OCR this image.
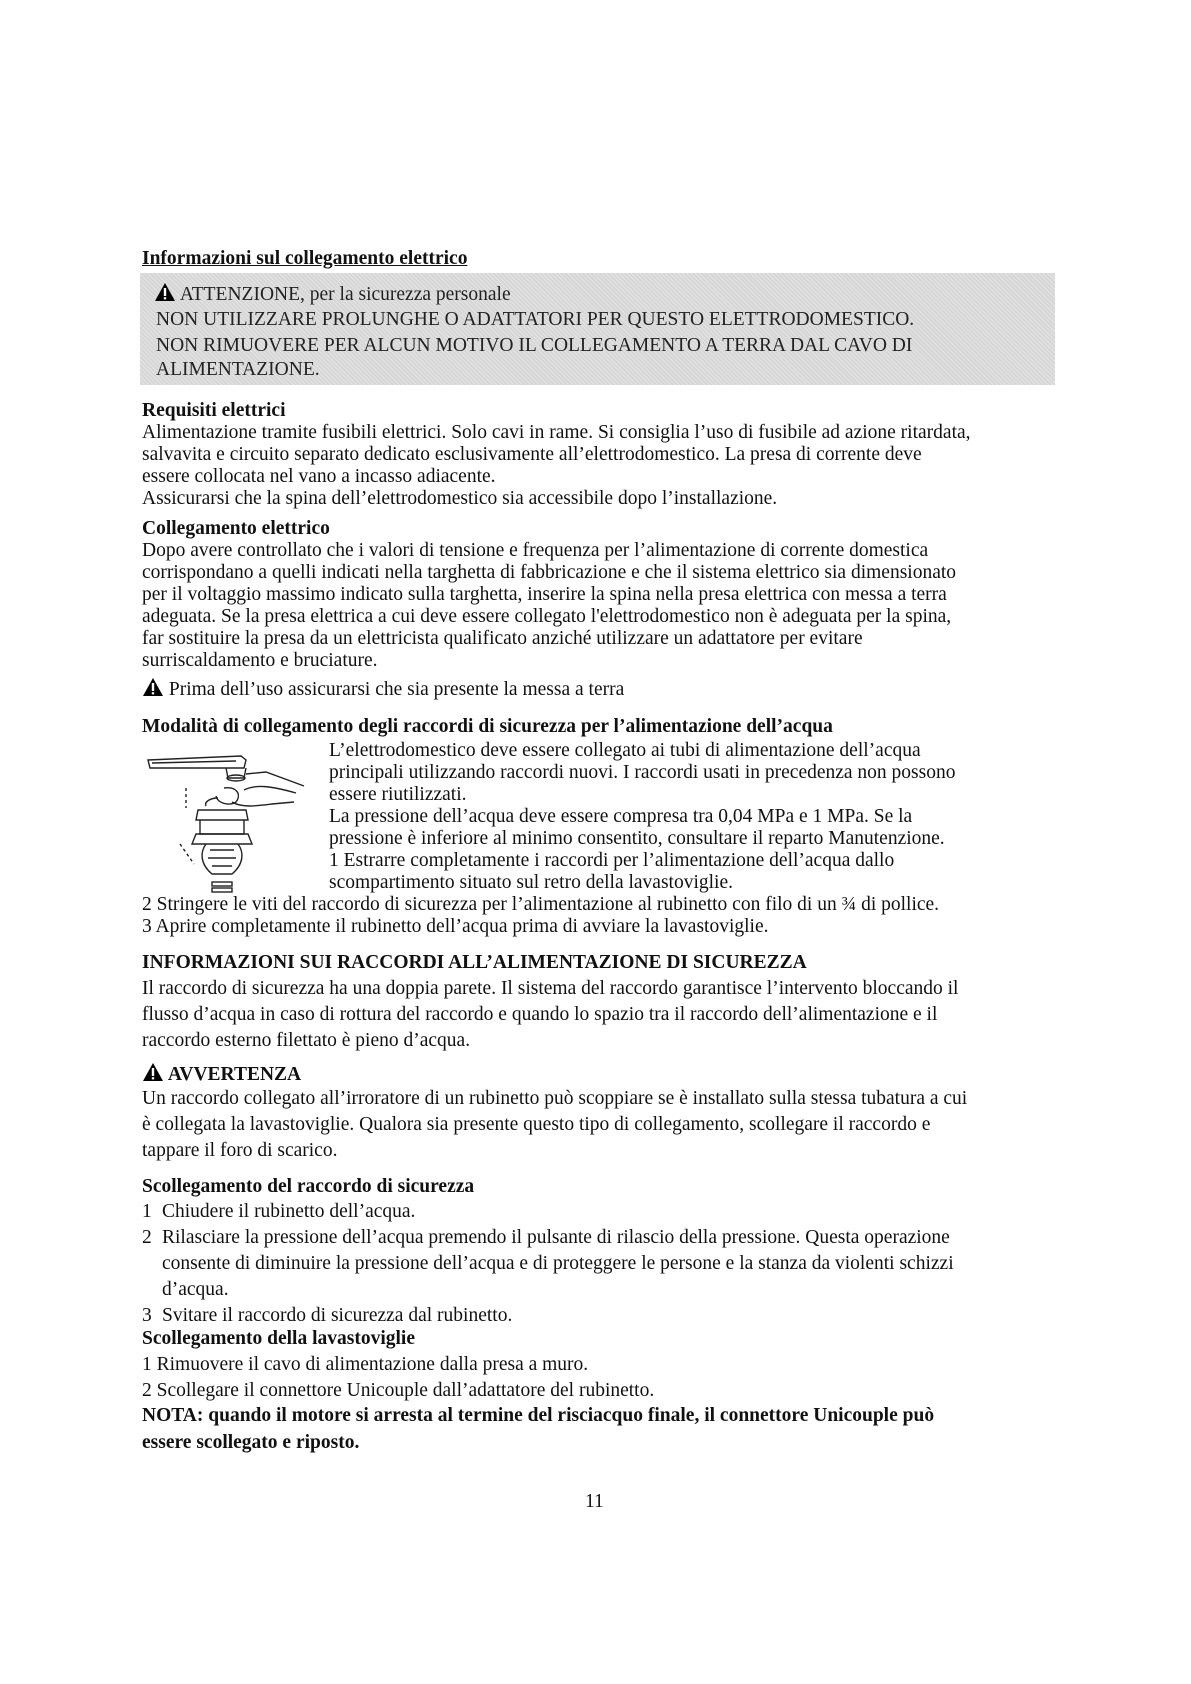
Informazioni sul collegamento elettrico
ATTENZIONE, per la sicurezza personale
NON UTILIZZARE PROLUNGHE O ADATTATORI PER QUESTO ELETTRODOMESTICO.
NON RIMUOVERE PER ALCUN MOTIVO IL COLLEGAMENTO A TERRA DAL CAVO DI
ALIMENTAZIONE.
Requisiti elettrici
Alimentazione tramite fusibili elettrici. Solo cavi in rame. Si consiglia l’uso di fusibile ad azione ritardata,
salvavita e circuito separato dedicato esclusivamente all’elettrodomestico. La presa di corrente deve
essere collocata nel vano a incasso adiacente.
Assicurarsi che la spina dell’elettrodomestico sia accessibile dopo l’installazione.
Collegamento elettrico
Dopo avere controllato che i valori di tensione e frequenza per l’alimentazione di corrente domestica
corrispondano a quelli indicati nella targhetta di fabbricazione e che il sistema elettrico sia dimensionato
per il voltaggio massimo indicato sulla targhetta, inserire la spina nella presa elettrica con messa a terra
adeguata. Se la presa elettrica a cui deve essere collegato l'elettrodomestico non è adeguata per la spina,
far sostituire la presa da un elettricista qualificato anziché utilizzare un adattatore per evitare
surriscaldamento e bruciature.
Prima dell’uso assicurarsi che sia presente la messa a terra
Modalità di collegamento degli raccordi di sicurezza per l’alimentazione dell’acqua
L’elettrodomestico deve essere collegato ai tubi di alimentazione dell’acqua
principali utilizzando raccordi nuovi. I raccordi usati in precedenza non possono
essere riutilizzati.
La pressione dell’acqua deve essere compresa tra 0,04 MPa e 1 MPa. Se la
pressione è inferiore al minimo consentito, consultare il reparto Manutenzione.
1 Estrarre completamente i raccordi per l’alimentazione dell’acqua dallo
scompartimento situato sul retro della lavastoviglie.
2 Stringere le viti del raccordo di sicurezza per l’alimentazione al rubinetto con filo di un ¾ di pollice.
3 Aprire completamente il rubinetto dell’acqua prima di avviare la lavastoviglie.
INFORMAZIONI SUI RACCORDI ALL’ALIMENTAZIONE DI SICUREZZA
Il raccordo di sicurezza ha una doppia parete. Il sistema del raccordo garantisce l’intervento bloccando il
flusso d’acqua in caso di rottura del raccordo e quando lo spazio tra il raccordo dell’alimentazione e il
raccordo esterno filettato è pieno d’acqua.
AVVERTENZA
Un raccordo collegato all’irroratore di un rubinetto può scoppiare se è installato sulla stessa tubatura a cui
è collegata la lavastoviglie. Qualora sia presente questo tipo di collegamento, scollegare il raccordo e
tappare il foro di scarico.
Scollegamento del raccordo di sicurezza
1 Chiudere il rubinetto dell’acqua.
2 Rilasciare la pressione dell’acqua premendo il pulsante di rilascio della pressione. Questa operazione
consente di diminuire la pressione dell’acqua e di proteggere le persone e la stanza da violenti schizzi
d’acqua.
3 Svitare il raccordo di sicurezza dal rubinetto.
Scollegamento della lavastoviglie
1 Rimuovere il cavo di alimentazione dalla presa a muro.
2 Scollegare il connettore Unicouple dall’adattatore del rubinetto.
NOTA: quando il motore si arresta al termine del risciacquo finale, il connettore Unicouple può
essere scollegato e riposto.
11
